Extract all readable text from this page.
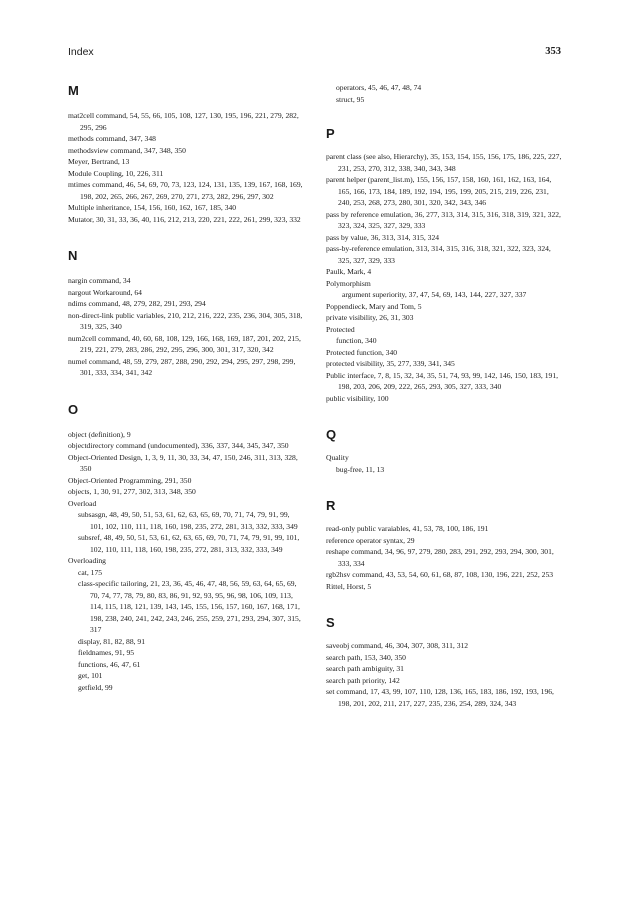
Index	353
M
mat2cell command, 54, 55, 66, 105, 108, 127, 130, 195, 196, 221, 279, 282, 295, 296
methods command, 347, 348
methodsview command, 347, 348, 350
Meyer, Bertrand, 13
Module Coupling, 10, 226, 311
mtimes command, 46, 54, 69, 70, 73, 123, 124, 131, 135, 139, 167, 168, 169, 198, 202, 265, 266, 267, 269, 270, 271, 273, 282, 296, 297, 302
Multiple inheritance, 154, 156, 160, 162, 167, 185, 340
Mutator, 30, 31, 33, 36, 40, 116, 212, 213, 220, 221, 222, 261, 299, 323, 332
N
nargin command, 34
nargout Workaround, 64
ndims command, 48, 279, 282, 291, 293, 294
non-direct-link public variables, 210, 212, 216, 222, 235, 236, 304, 305, 318, 319, 325, 340
num2cell command, 40, 60, 68, 108, 129, 166, 168, 169, 187, 201, 202, 215, 219, 221, 279, 283, 286, 292, 295, 296, 300, 301, 317, 320, 342
numel command, 48, 59, 279, 287, 288, 290, 292, 294, 295, 297, 298, 299, 301, 333, 334, 341, 342
O
object (definition), 9
objectdirectory command (undocumented), 336, 337, 344, 345, 347, 350
Object-Oriented Design, 1, 3, 9, 11, 30, 33, 34, 47, 150, 246, 311, 313, 328, 350
Object-Oriented Programming, 291, 350
objects, 1, 30, 91, 277, 302, 313, 348, 350
Overload
subsasgn, 48, 49, 50, 51, 53, 61, 62, 63, 65, 69, 70, 71, 74, 79, 91, 99, 101, 102, 110, 111, 118, 160, 198, 235, 272, 281, 313, 332, 333, 349
subsref, 48, 49, 50, 51, 53, 61, 62, 63, 65, 69, 70, 71, 74, 79, 91, 99, 101, 102, 110, 111, 118, 160, 198, 235, 272, 281, 313, 332, 333, 349
Overloading
cat, 175
class-specific tailoring, 21, 23, 36, 45, 46, 47, 48, 56, 59, 63, 64, 65, 69, 70, 74, 77, 78, 79, 80, 83, 86, 91, 92, 93, 95, 96, 98, 106, 109, 113, 114, 115, 118, 121, 139, 143, 145, 155, 156, 157, 160, 167, 168, 171, 198, 238, 240, 241, 242, 243, 246, 255, 259, 271, 293, 294, 307, 315, 317
display, 81, 82, 88, 91
fieldnames, 91, 95
functions, 46, 47, 61
get, 101
getfield, 99
operators, 45, 46, 47, 48, 74
struct, 95
P
parent class (see also, Hierarchy), 35, 153, 154, 155, 156, 175, 186, 225, 227, 231, 253, 270, 312, 338, 340, 343, 348
parent helper (parent_list.m), 155, 156, 157, 158, 160, 161, 162, 163, 164, 165, 166, 173, 184, 189, 192, 194, 195, 199, 205, 215, 219, 226, 231, 240, 253, 268, 273, 280, 301, 320, 342, 343, 346
pass by reference emulation, 36, 277, 313, 314, 315, 316, 318, 319, 321, 322, 323, 324, 325, 327, 329, 333
pass by value, 36, 313, 314, 315, 324
pass-by-reference emulation, 313, 314, 315, 316, 318, 321, 322, 323, 324, 325, 327, 329, 333
Paulk, Mark, 4
Polymorphism
argument superiority, 37, 47, 54, 69, 143, 144, 227, 327, 337
Poppendieck, Mary and Tom, 5
private visibility, 26, 31, 303
Protected
function, 340
Protected function, 340
protected visibility, 35, 277, 339, 341, 345
Public interface, 7, 8, 15, 32, 34, 35, 51, 74, 93, 99, 142, 146, 150, 183, 191, 198, 203, 206, 209, 222, 265, 293, 305, 327, 333, 340
public visibility, 100
Q
Quality
bug-free, 11, 13
R
read-only public varaiables, 41, 53, 78, 100, 186, 191
reference operator syntax, 29
reshape command, 34, 96, 97, 279, 280, 283, 291, 292, 293, 294, 300, 301, 333, 334
rgb2hsv command, 43, 53, 54, 60, 61, 68, 87, 108, 130, 196, 221, 252, 253
Rittel, Horst, 5
S
saveobj command, 46, 304, 307, 308, 311, 312
search path, 153, 340, 350
search path ambiguity, 31
search path priority, 142
set command, 17, 43, 99, 107, 110, 128, 136, 165, 183, 186, 192, 193, 196, 198, 201, 202, 211, 217, 227, 235, 236, 254, 289, 324, 343
